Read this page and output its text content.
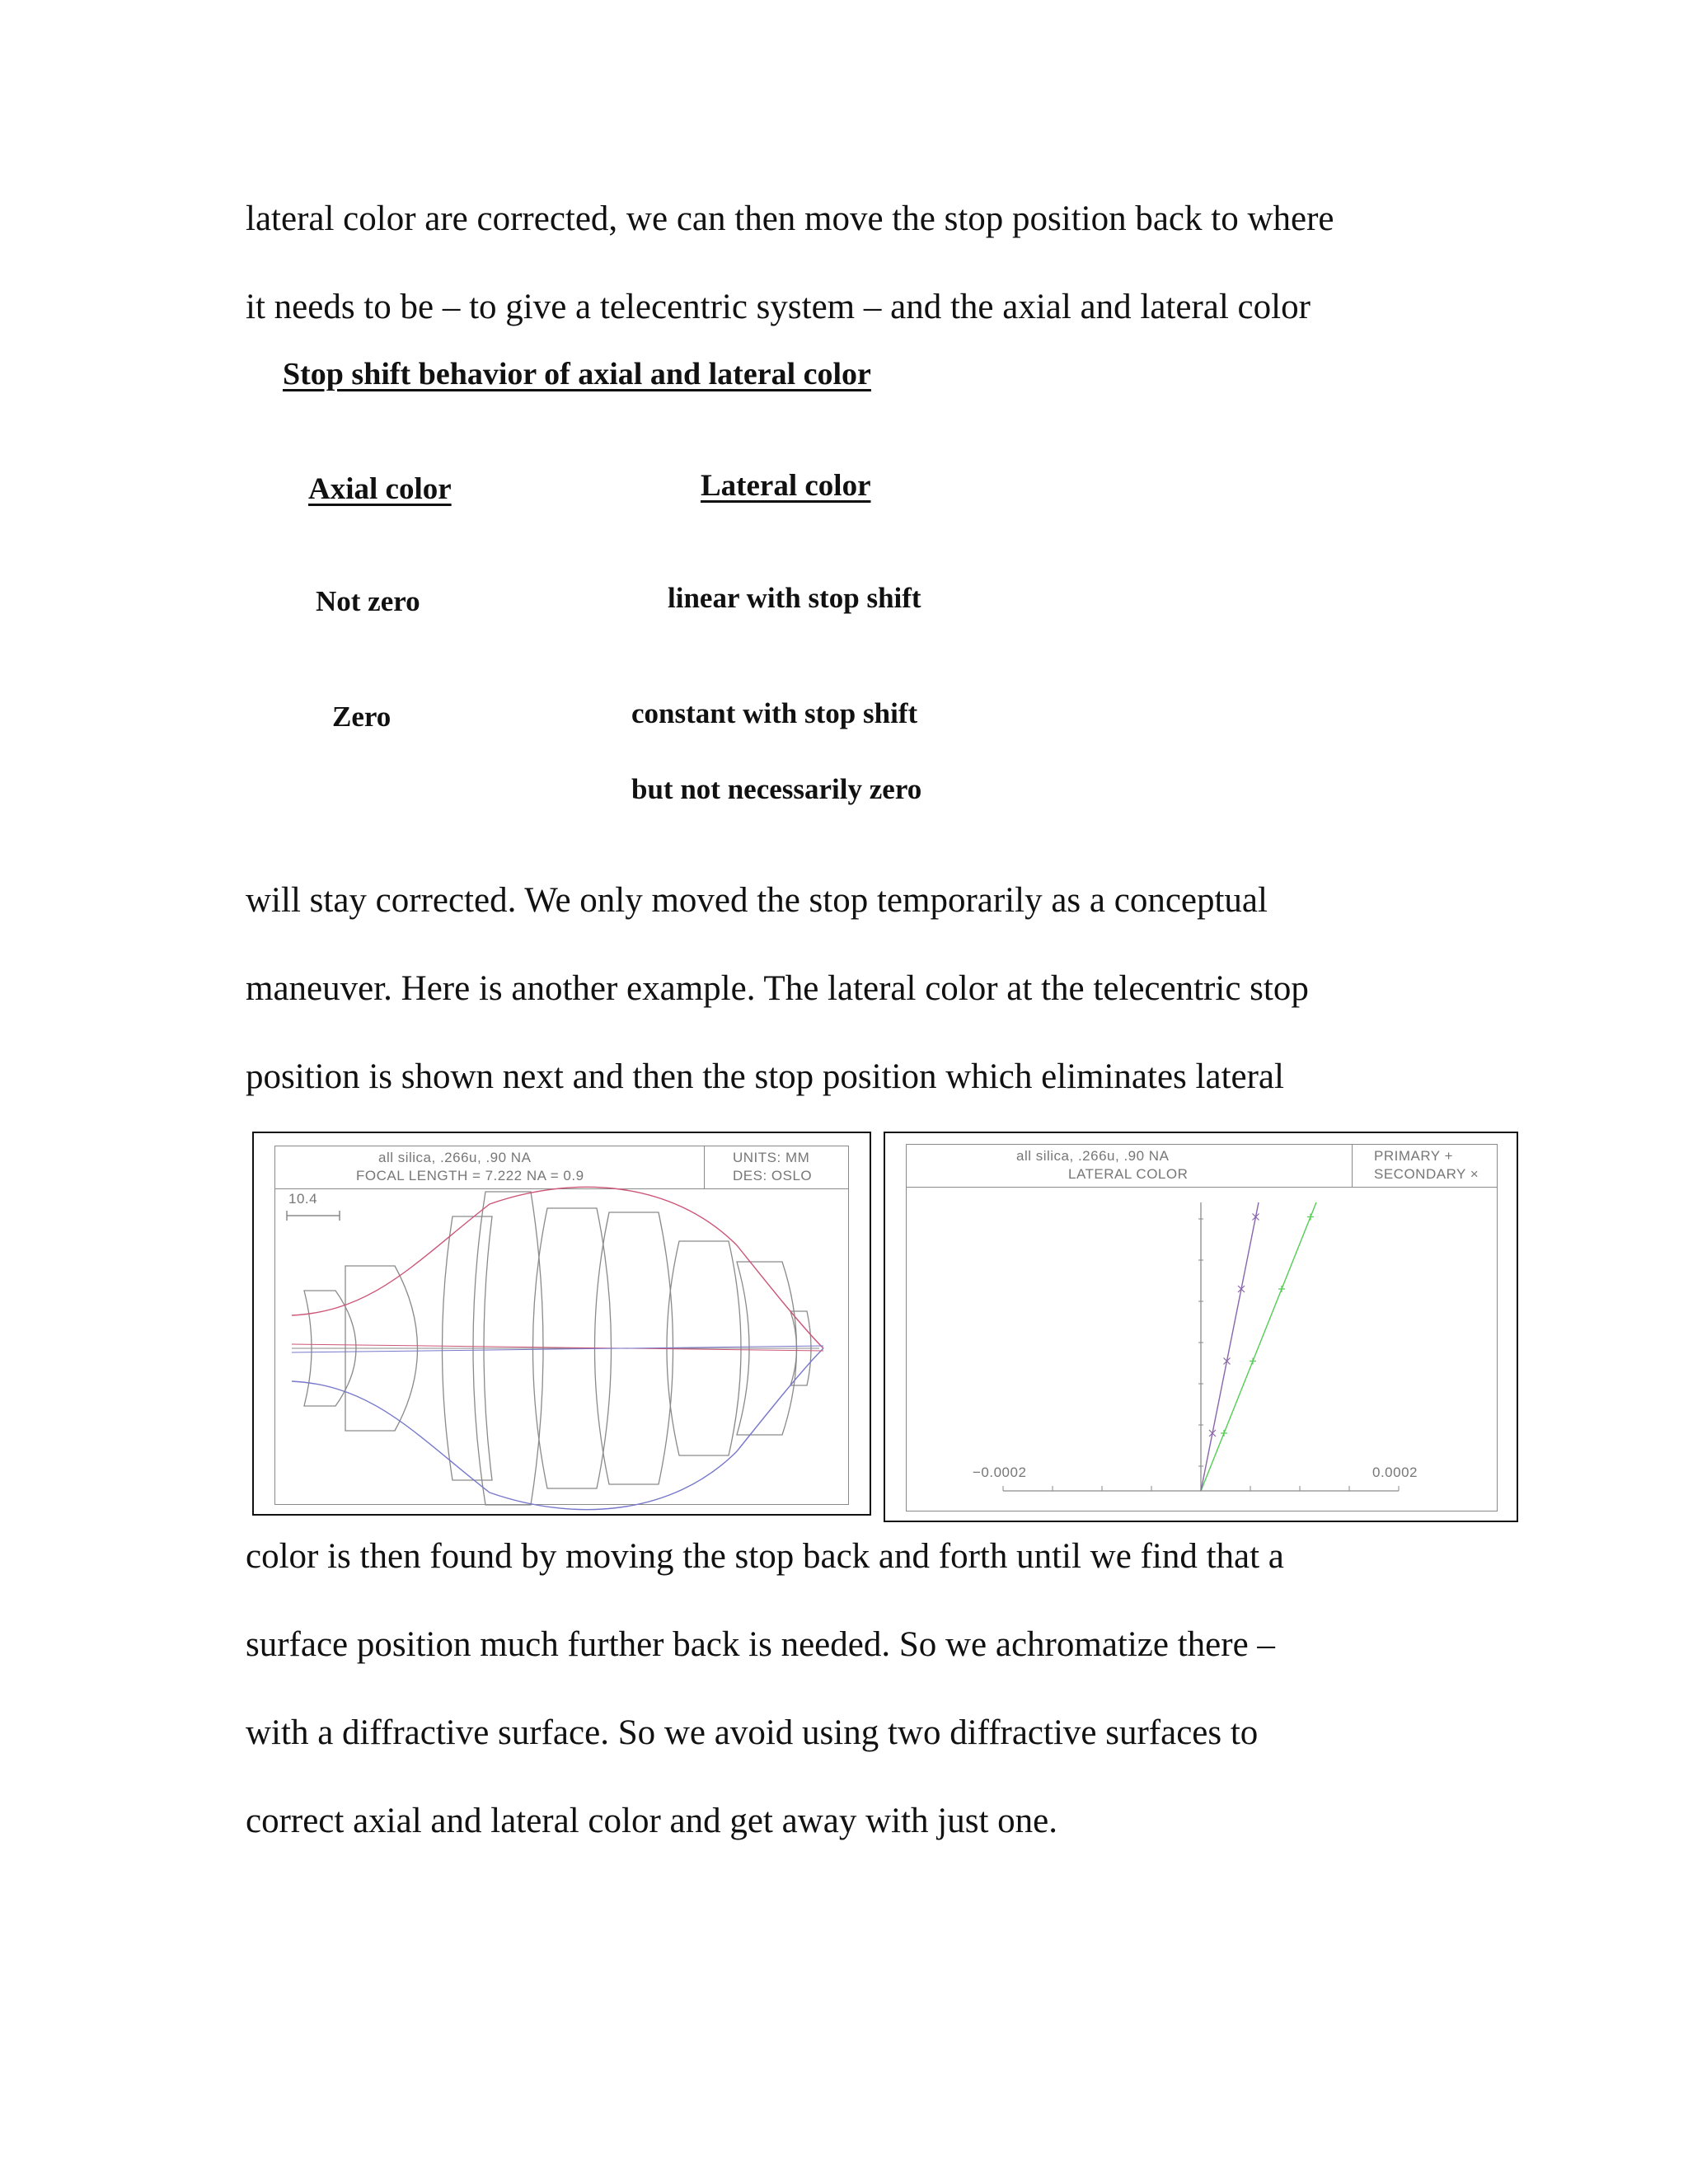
lateral color are corrected, we can then move the stop position back to where
it needs to be – to give a telecentric system – and the axial and lateral color

Stop shift behavior of axial and lateral color
Axial color	Lateral color
Not zero	linear with stop shift
Zero	constant with stop shift
but not necessarily zero

will stay corrected. We only moved the stop temporarily as a conceptual
maneuver. Here is another example. The lateral color at the telecentric stop
position is shown next and then the stop position which eliminates lateral

all silica, .266u, .90 NA
FOCAL LENGTH = 7.222 NA = 0.9
UNITS: MM
DES: OSLO
10.4
all silica, .266u, .90 NA
LATERAL COLOR
PRIMARY +
SECONDARY ×
−0.0002	0.0002

color is then found by moving the stop back and forth until we find that a
surface position much further back is needed. So we achromatize there –
with a diffractive surface. So we avoid using two diffractive surfaces to
correct axial and lateral color and get away with just one.
